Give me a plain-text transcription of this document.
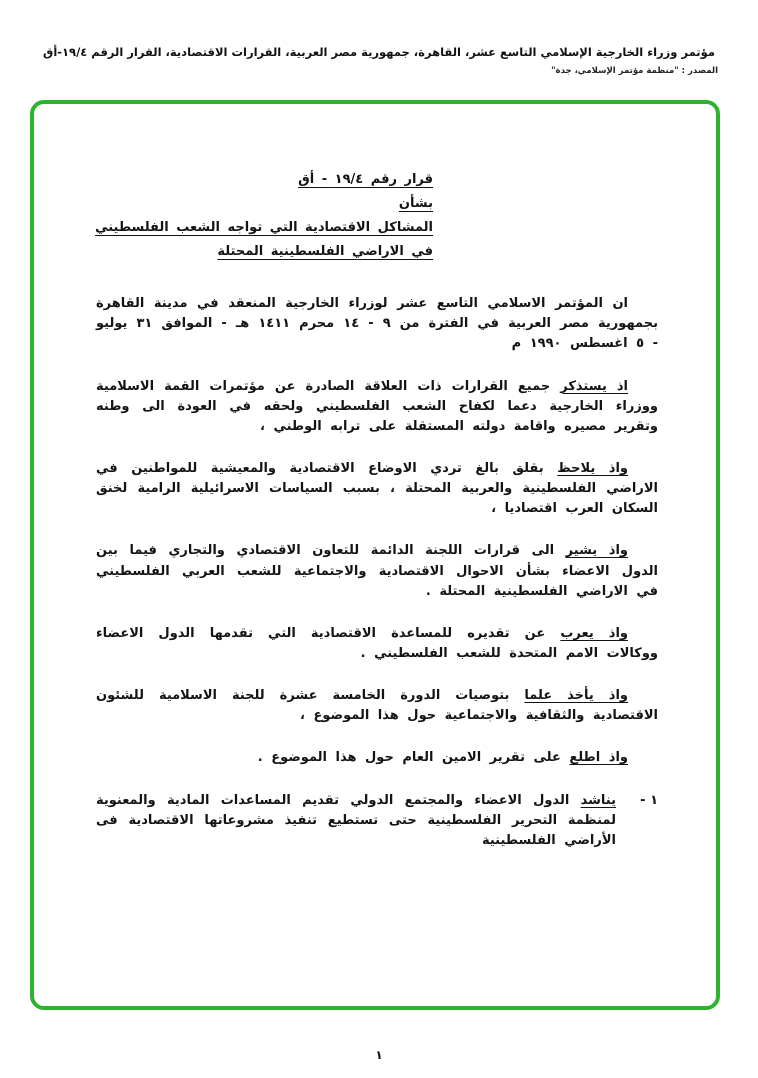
مؤتمر وزراء الخارجية الإسلامي التاسع عشر، القاهرة، جمهورية مصر العربية، القرارات الاقتصادية، القرار الرقم ١٩/٤-أق
المصدر : "منظمة مؤتمر الإسلامي، جدة"
قرار رقم ١٩/٤ - أق
بشأن
المشاكل الاقتصادية التي تواجه الشعب الفلسطيني
في الاراضي الفلسطينية المحتلة

ان المؤتمر الاسلامي التاسع عشر لوزراء الخارجية المنعقد في مدينة القاهرة بجمهورية مصر العربية في الفترة من ٩ - ١٤ محرم ١٤١١ هـ - الموافق ٣١ يوليو - ٥ اغسطس ١٩٩٠ م

اذ يستذكر جميع القرارات ذات العلاقة الصادرة عن مؤتمرات القمة الاسلامية ووزراء الخارجية دعما لكفاح الشعب الفلسطيني ولحقه في العودة الى وطنه وتقرير مصيره واقامة دولته المستقلة على ترابه الوطني ،

واذ يلاحظ بقلق بالغ تردي الاوضاع الاقتصادية والمعيشية للمواطنين في الاراضي الفلسطينية والعربية المحتلة ، بسبب السياسات الاسرائيلية الرامية لخنق السكان العرب اقتصاديا ،

واذ يشير الى قرارات اللجنة الدائمة للتعاون الاقتصادي والتجاري فيما بين الدول الاعضاء بشأن الاحوال الاقتصادية والاجتماعية للشعب العربي الفلسطيني في الاراضي الفلسطينية المحتلة .

واذ يعرب عن تقديره للمساعدة الاقتصادية التي تقدمها الدول الاعضاء ووكالات الامم المتحدة للشعب الفلسطيني .

واذ يأخذ علما بتوصيات الدورة الخامسة عشرة للجنة الاسلامية للشئون الاقتصادية والثقافية والاجتماعية حول هذا الموضوع ،

واذ اطلع على تقرير الامين العام حول هذا الموضوع .

١ -
يناشد الدول الاعضاء والمجتمع الدولي تقديم المساعدات المادية والمعنوية لمنظمة التحرير الفلسطينية حتى تستطيع تنفيذ مشروعاتها الاقتصادية فى الأراضي الفلسطينية
١
